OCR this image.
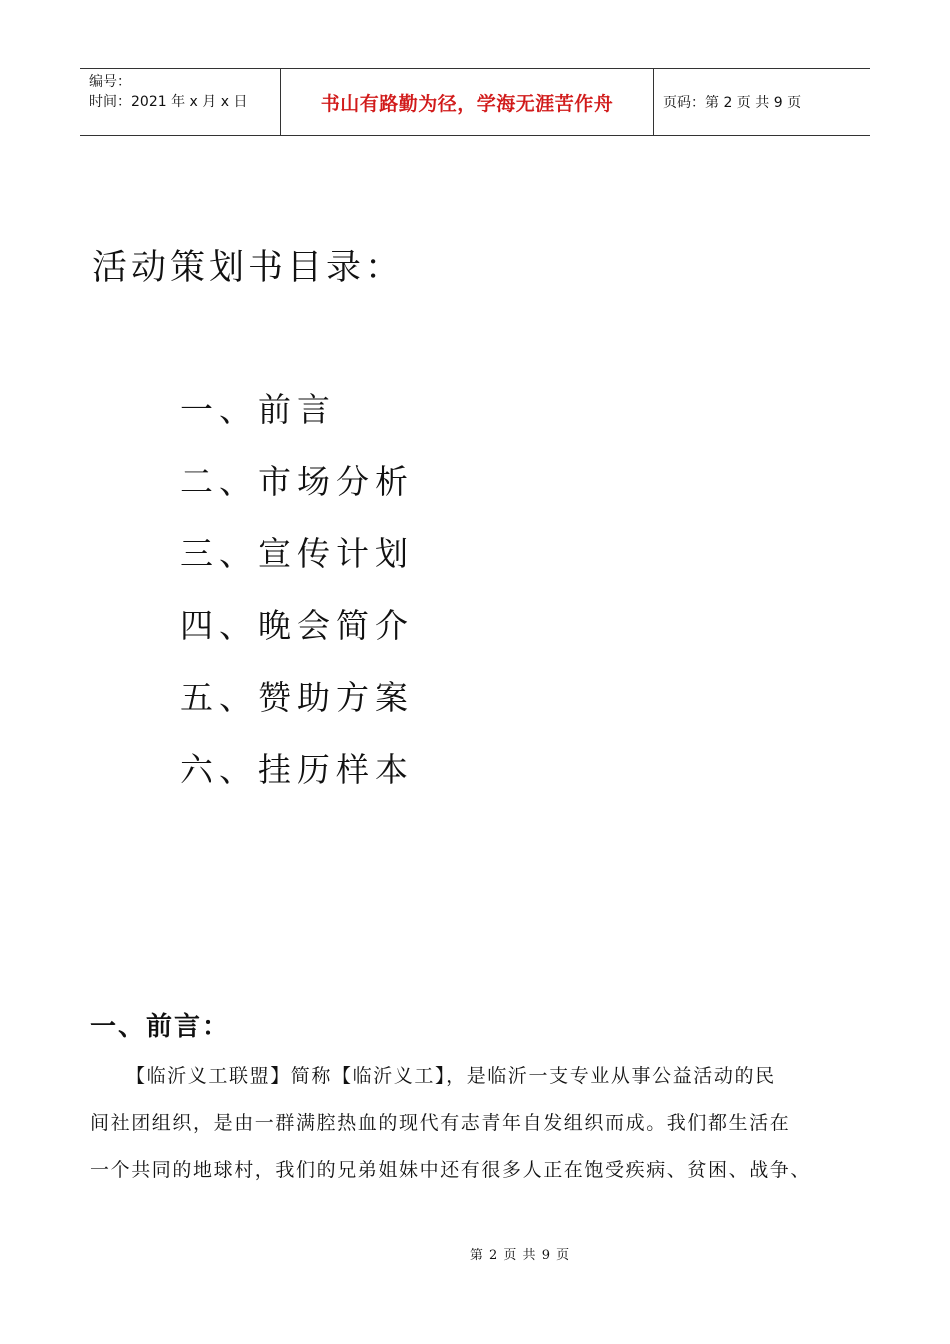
编号：
时间：2021 年 x 月 x 日	书山有路勤为径，学海无涯苦作舟	页码：第 2 页 共 9 页
活动策划书目录：
一、前言
二、市场分析
三、宣传计划
四、晚会简介
五、赞助方案
六、挂历样本
一、前言：

【临沂义工联盟】简称【临沂义工】，是临沂一支专业从事公益活动的民
间社团组织，是由一群满腔热血的现代有志青年自发组织而成。我们都生活在
一个共同的地球村，我们的兄弟姐妹中还有很多人正在饱受疾病、贫困、战争、

第 2 页 共 9 页
